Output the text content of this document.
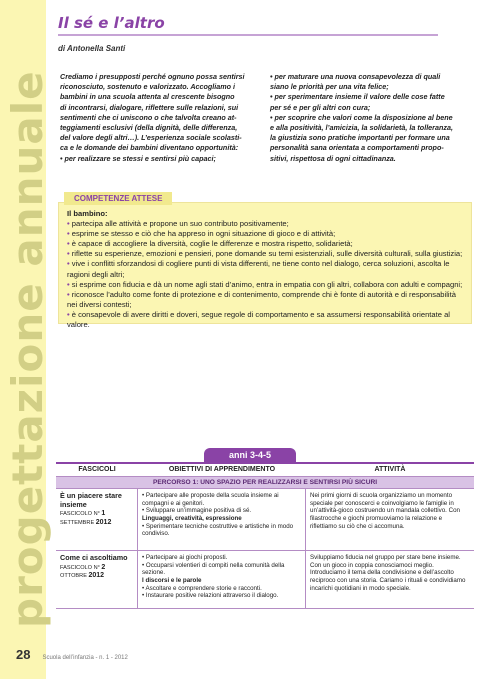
progettazione annuale
Il sé e l’altro
di Antonella Santi
Crediamo i presupposti perché ognuno possa sentirsi
riconosciuto, sostenuto e valorizzato. Accogliamo i
bambini in una scuola attenta al crescente bisogno
di incontrarsi, dialogare, riflettere sulle relazioni, sui
sentimenti che ci uniscono o che talvolta creano at-
teggiamenti esclusivi (della dignità, delle differenza,
del valore degli altri…). L’esperienza sociale scolasti-
ca e le domande dei bambini diventano opportunità:
• per realizzare se stessi e sentirsi più capaci;
• per maturare una nuova consapevolezza di quali
siano le priorità per una vita felice;
• per sperimentare insieme il valore delle cose fatte
per sé e per gli altri con cura;
• per scoprire che valori come la disposizione al bene
e alla positività, l’amicizia, la solidarietà, la tolleranza,
la giustizia sono pratiche importanti per formare una
personalità sana orientata a comportamenti propo-
sitivi, rispettosa di ogni cittadinanza.
Il bambino:
• partecipa alle attività e propone un suo contributo positivamente;
• esprime se stesso e ciò che ha appreso in ogni situazione di gioco e di attività;
• è capace di accogliere la diversità, coglie le differenze e mostra rispetto, solidarietà;
• riflette su esperienze, emozioni e pensieri, pone domande su temi esistenziali, sulle diversità culturali, sulla giustizia;
• vive i conflitti sforzandosi di cogliere punti di vista differenti, ne tiene conto nel dialogo, cerca soluzioni, ascolta le ragioni degli altri;
• si esprime con fiducia e dà un nome agli stati d’animo, entra in empatia con gli altri, collabora con adulti e compagni;
• riconosce l’adulto come fonte di protezione e di contenimento, comprende chi è fonte di autorità e di responsabilità nei diversi contesti;
• è consapevole di avere diritti e doveri, segue regole di comportamento e sa assumersi responsabilità orientate al valore.
COMPETENZE ATTESE
anni 3-4-5
FASCICOLI	OBIETTIVI DI APPRENDIMENTO	ATTIVITÀ
PERCORSO 1: UNO SPAZIO PER REALIZZARSI E SENTIRSI PIÙ SICURI
È un piacere stare insieme
FASCICOLO N° 1
SETTEMBRE 2012
• Partecipare alle proposte della scuola insieme ai compagni e ai genitori.
• Sviluppare un’immagine positiva di sé.
Linguaggi, creatività, espressione
• Sperimentare tecniche costruttive e artistiche in modo condiviso.
Nei primi giorni di scuola organizziamo un momento speciale per conoscerci e coinvolgiamo le famiglie in un’attività-gioco costruendo un mandala collettivo. Con filastrocche e giochi promuoviamo la relazione e riflettiamo su ciò che ci accomuna.
Come ci ascoltiamo
FASCICOLO N° 2
OTTOBRE 2012
• Partecipare ai giochi proposti.
• Occuparsi volentieri di compiti nella comunità della sezione.
I discorsi e le parole
• Ascoltare e comprendere storie e racconti.
• Instaurare positive relazioni attraverso il dialogo.
Sviluppiamo fiducia nel gruppo per stare bene insieme. Con un gioco in coppia conosciamoci meglio. Introduciamo il tema della condivisione e dell’ascolto reciproco con una storia. Cariamo i rituali e condividiamo incarichi quotidiani in modo speciale.
28 Scuola dell’infanzia - n. 1 - 2012
